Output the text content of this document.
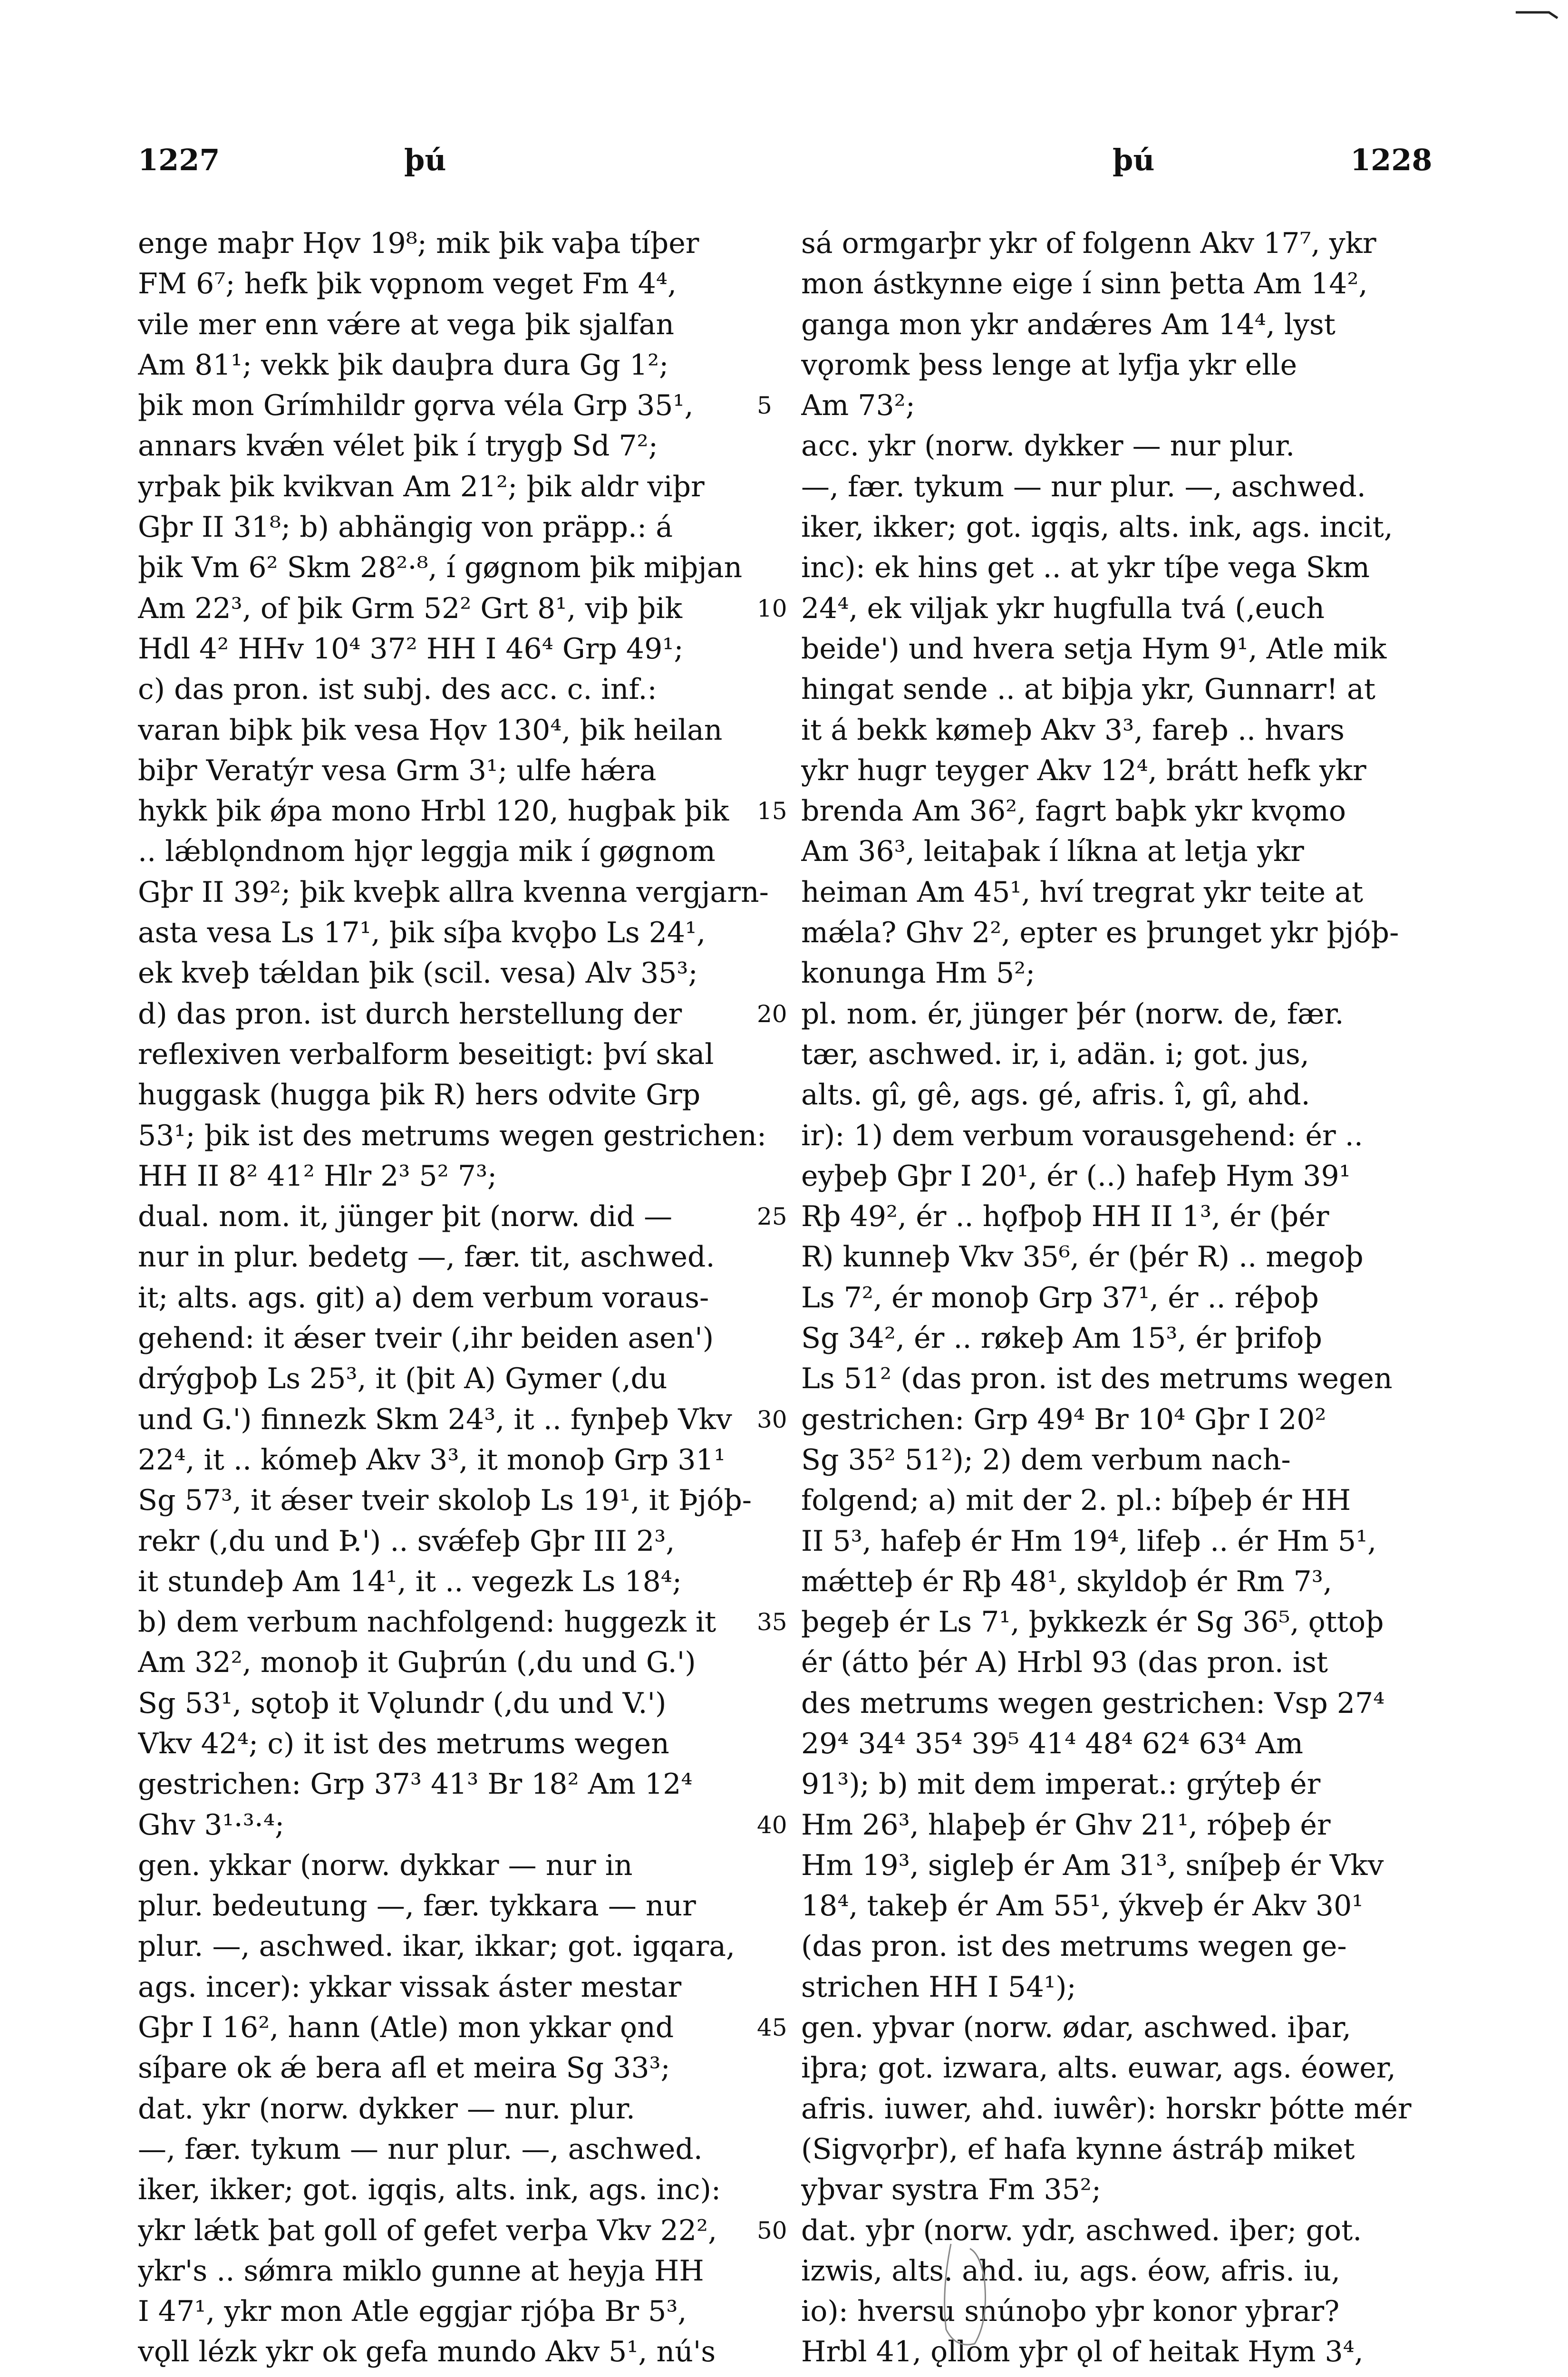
1227	þú	þú	1228
enge maþr Hǫv 19⁸; mik þik vaþa tíþer
FM 6⁷; hefk þik vǫpnom veget Fm 4⁴,
vile mer enn vǽre at vega þik sjalfan
Am 81¹; vekk þik dauþra dura Gg 1²;
þik mon Grímhildr gǫrva véla Grp 35¹,
annars kvǽn vélet þik í trygþ Sd 7²;
yrþak þik kvikvan Am 21²; þik aldr viþr
Gþr II 31⁸; b) abhängig von präpp.: á
þik Vm 6² Skm 28²·⁸, í gøgnom þik miþjan
Am 22³, of þik Grm 52² Grt 8¹, viþ þik
Hdl 4² HHv 10⁴ 37² HH I 46⁴ Grp 49¹;
c) das pron. ist subj. des acc. c. inf.:
varan biþk þik vesa Hǫv 130⁴, þik heilan
biþr Veratýr vesa Grm 3¹; ulfe hǽra
hykk þik ǿpa mono Hrbl 120, hugþak þik
.. lǽblǫndnom hjǫr leggja mik í gøgnom
Gþr II 39²; þik kveþk allra kvenna vergjarn-
asta vesa Ls 17¹, þik síþa kvǫþo Ls 24¹,
ek kveþ tǽldan þik (scil. vesa) Alv 35³;
d) das pron. ist durch herstellung der
reflexiven verbalform beseitigt: því skal
huggask (hugga þik R) hers odvite Grp
53¹; þik ist des metrums wegen gestrichen:
HH II 8² 41² Hlr 2³ 5² 7³;
dual. nom. it, jünger þit (norw. did —
nur in plur. bedetg —, fær. tit, aschwed.
it; alts. ags. git) a) dem verbum voraus-
gehend: it ǽser tveir (‚ihr beiden asen')
drýgþoþ Ls 25³, it (þit A) Gymer (‚du
und G.') finnezk Skm 24³, it .. fynþeþ Vkv
22⁴, it .. kómeþ Akv 3³, it monoþ Grp 31¹
Sg 57³, it ǽser tveir skoloþ Ls 19¹, it Þjóþ-
rekr (‚du und Þ.') .. svǽfeþ Gþr III 2³,
it stundeþ Am 14¹, it .. vegezk Ls 18⁴;
b) dem verbum nachfolgend: huggezk it
Am 32², monoþ it Guþrún (‚du und G.')
Sg 53¹, sǫtoþ it Vǫlundr (‚du und V.')
Vkv 42⁴; c) it ist des metrums wegen
gestrichen: Grp 37³ 41³ Br 18² Am 12⁴
Ghv 3¹·³·⁴;
gen. ykkar (norw. dykkar — nur in
plur. bedeutung —, fær. tykkara — nur
plur. —, aschwed. ikar, ikkar; got. igqara,
ags. incer): ykkar vissak áster mestar
Gþr I 16², hann (Atle) mon ykkar ǫnd
síþare ok ǽ bera afl et meira Sg 33³;
dat. ykr (norw. dykker — nur. plur.
—, fær. tykum — nur plur. —, aschwed.
iker, ikker; got. igqis, alts. ink, ags. inc):
ykr lǽtk þat goll of gefet verþa Vkv 22²,
ykr's .. sǿmra miklo gunne at heyja HH
I 47¹, ykr mon Atle eggjar rjóþa Br 5³,
vǫll lézk ykr ok gefa mundo Akv 5¹, nú's
5
10
15
20
25
30
35
40
45
50
sá ormgarþr ykr of folgenn Akv 17⁷, ykr
mon ástkynne eige í sinn þetta Am 14²,
ganga mon ykr andǽres Am 14⁴, lyst
vǫromk þess lenge at lyfja ykr elle
Am 73²;
acc. ykr (norw. dykker — nur plur.
—, fær. tykum — nur plur. —, aschwed.
iker, ikker; got. igqis, alts. ink, ags. incit,
inc): ek hins get .. at ykr tíþe vega Skm
24⁴, ek viljak ykr hugfulla tvá (‚euch
beide') und hvera setja Hym 9¹, Atle mik
hingat sende .. at biþja ykr, Gunnarr! at
it á bekk kømeþ Akv 3³, fareþ .. hvars
ykr hugr teyger Akv 12⁴, brátt hefk ykr
brenda Am 36², fagrt baþk ykr kvǫmo
Am 36³, leitaþak í líkna at letja ykr
heiman Am 45¹, hví tregrat ykr teite at
mǽla? Ghv 2², epter es þrunget ykr þjóþ-
konunga Hm 5²;
pl. nom. ér, jünger þér (norw. de, fær.
tær, aschwed. ir, i, adän. i; got. jus,
alts. gî, gê, ags. gé, afris. î, gî, ahd.
ir): 1) dem verbum vorausgehend: ér ..
eyþeþ Gþr I 20¹, ér (..) hafeþ Hym 39¹
Rþ 49², ér .. hǫfþoþ HH II 1³, ér (þér
R) kunneþ Vkv 35⁶, ér (þér R) .. megoþ
Ls 7², ér monoþ Grp 37¹, ér .. réþoþ
Sg 34², ér .. røkeþ Am 15³, ér þrifoþ
Ls 51² (das pron. ist des metrums wegen
gestrichen: Grp 49⁴ Br 10⁴ Gþr I 20²
Sg 35² 51²); 2) dem verbum nach-
folgend; a) mit der 2. pl.: bíþeþ ér HH
II 5³, hafeþ ér Hm 19⁴, lifeþ .. ér Hm 5¹,
mǽtteþ ér Rþ 48¹, skyldoþ ér Rm 7³,
þegeþ ér Ls 7¹, þykkezk ér Sg 36⁵, ǫttoþ
ér (átto þér A) Hrbl 93 (das pron. ist
des metrums wegen gestrichen: Vsp 27⁴
29⁴ 34⁴ 35⁴ 39⁵ 41⁴ 48⁴ 62⁴ 63⁴ Am
91³); b) mit dem imperat.: grýteþ ér
Hm 26³, hlaþeþ ér Ghv 21¹, róþeþ ér
Hm 19³, sigleþ ér Am 31³, sníþeþ ér Vkv
18⁴, takeþ ér Am 55¹, ýkveþ ér Akv 30¹
(das pron. ist des metrums wegen ge-
strichen HH I 54¹);
gen. yþvar (norw. ødar, aschwed. iþar,
iþra; got. izwara, alts. euwar, ags. éower,
afris. iuwer, ahd. iuwêr): horskr þótte mér
(Sigvǫrþr), ef hafa kynne ástráþ miket
yþvar systra Fm 35²;
dat. yþr (norw. ydr, aschwed. iþer; got.
izwis, alts. ahd. iu, ags. éow, afris. iu,
io): hversu snúnoþo yþr konor yþrar?
Hrbl 41, ǫllom yþr ǫl of heitak Hym 3⁴,
